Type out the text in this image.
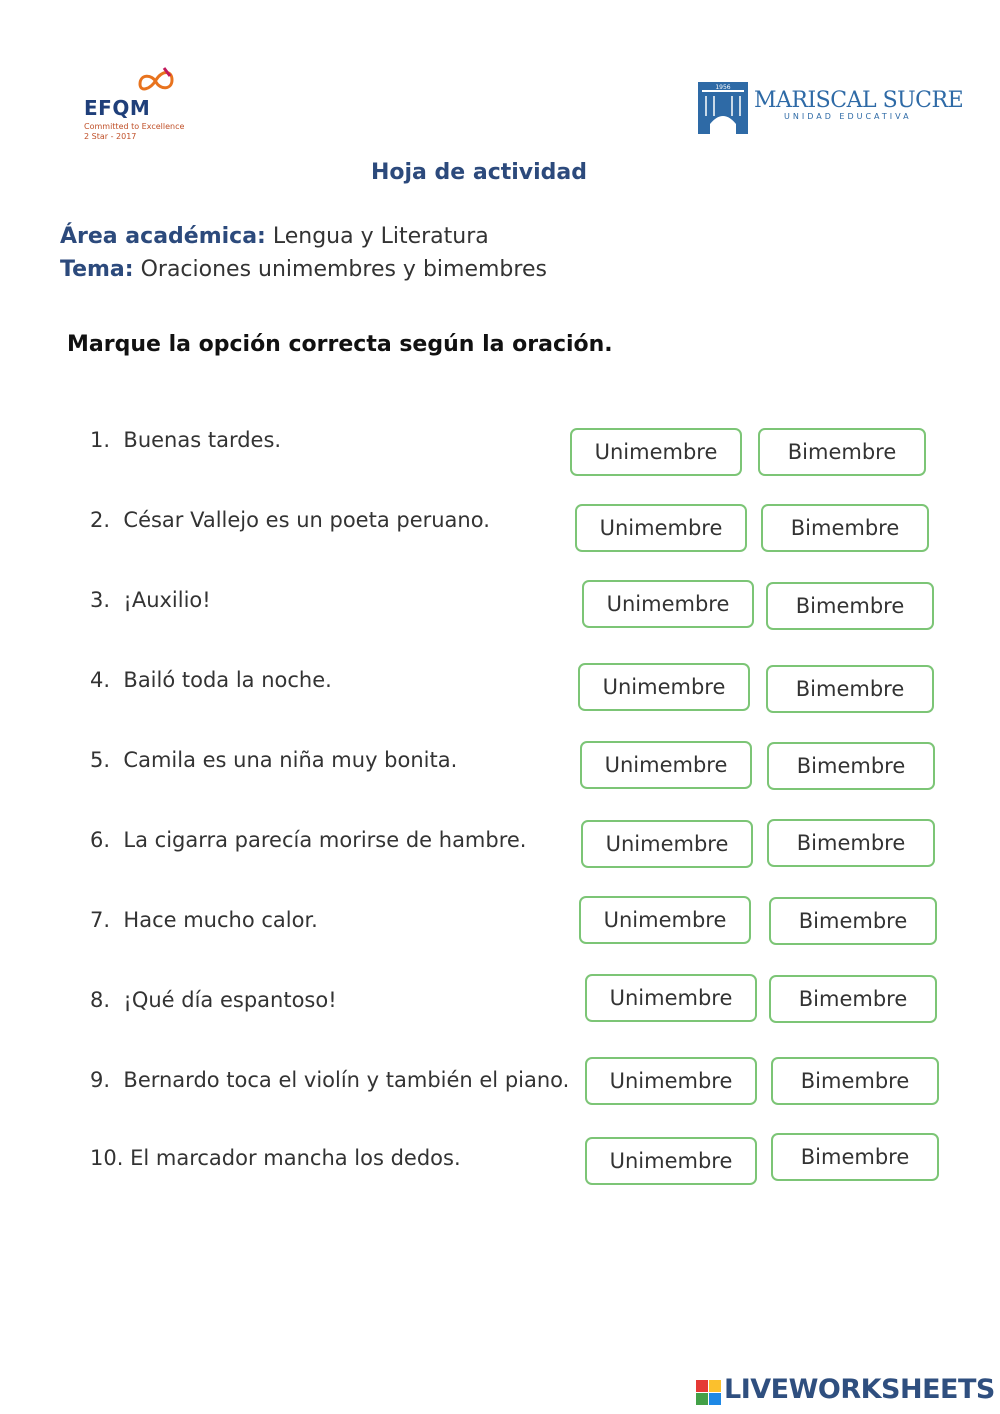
EFQM
Committed to Excellence
2 Star - 2017
1956
MARISCAL SUCRE
UNIDAD EDUCATIVA
Hoja de actividad
Área académica: Lengua y Literatura
Tema: Oraciones unimembres y bimembres
Marque la opción correcta según la oración.
1. Buenas tardes.	Unimembre	Bimembre
2. César Vallejo es un poeta peruano.	Unimembre	Bimembre
3. ¡Auxilio!	Unimembre	Bimembre
4. Bailó toda la noche.	Unimembre	Bimembre
5. Camila es una niña muy bonita.	Unimembre	Bimembre
6. La cigarra parecía morirse de hambre.	Unimembre	Bimembre
7. Hace mucho calor.	Unimembre	Bimembre
8. ¡Qué día espantoso!	Unimembre	Bimembre
9. Bernardo toca el violín y también el piano.	Unimembre	Bimembre
10. El marcador mancha los dedos.	Unimembre	Bimembre
LIVEWORKSHEETS
